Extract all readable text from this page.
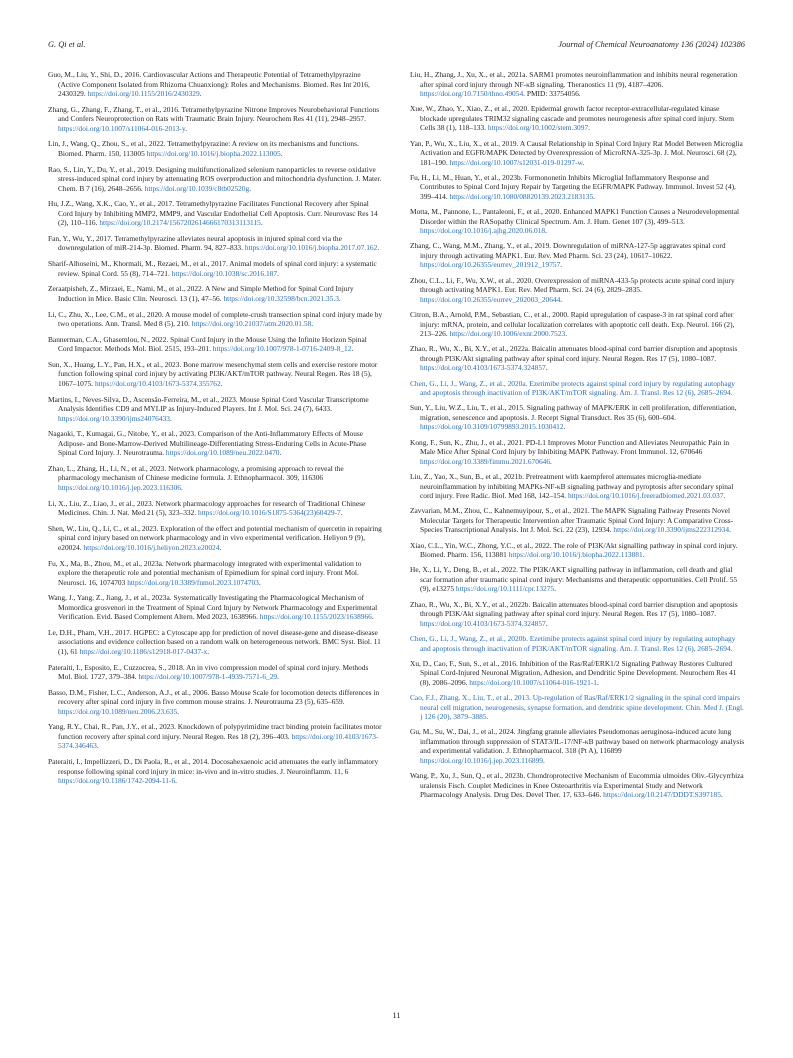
G. Qi et al.	Journal of Chemical Neuroanatomy 136 (2024) 102386

Guo, M., Liu, Y., Shi, D., 2016. Cardiovascular Actions and Therapeutic Potential of Tetramethylpyrazine (Active Component Isolated from Rhizoma Chuanxiong): Roles and Mechanisms. Biomed. Res Int 2016, 2430329. https://doi.org/10.1155/2016/2430329.

Zhang, G., Zhang, F., Zhang, T., et al., 2016. Tetramethylpyrazine Nitrone Improves Neurobehavioral Functions and Confers Neuroprotection on Rats with Traumatic Brain Injury. Neurochem Res 41 (11), 2948–2957. https://doi.org/10.1007/s11064-016-2013-y.

Lin, J., Wang, Q., Zhou, S., et al., 2022. Tetramethylpyrazine: A review on its mechanisms and functions. Biomed. Pharm. 150, 113005 https://doi.org/10.1016/j.biopha.2022.113005.

Rao, S., Lin, Y., Du, Y., et al., 2019. Designing multifunctionalized selenium nanoparticles to reverse oxidative stress-induced spinal cord injury by attenuating ROS overproduction and mitochondria dysfunction. J. Mater. Chem. B 7 (16), 2648–2656. https://doi.org/10.1039/c8tb02520g.

Hu, J.Z., Wang, X.K., Cao, Y., et al., 2017. Tetramethylpyrazine Facilitates Functional Recovery after Spinal Cord Injury by Inhibiting MMP2, MMP9, and Vascular Endothelial Cell Apoptosis. Curr. Neurovasc Res 14 (2), 110–116. https://doi.org/10.2174/1567202614666170313113115.

Fan, Y., Wu, Y., 2017. Tetramethylpyrazine alleviates neural apoptosis in injured spinal cord via the downregulation of miR-214-3p. Biomed. Pharm. 94, 827–833. https://doi.org/10.1016/j.biopha.2017.07.162.

Sharif-Alhoseini, M., Khormali, M., Rezaei, M., et al., 2017. Animal models of spinal cord injury: a systematic review. Spinal Cord. 55 (8), 714–721. https://doi.org/10.1038/sc.2016.187.

Zeraatpisheh, Z., Mirzaei, E., Nami, M., et al., 2022. A New and Simple Method for Spinal Cord Injury Induction in Mice. Basic Clin. Neurosci. 13 (1), 47–56. https://doi.org/10.32598/bcn.2021.35.3.

Li, C., Zhu, X., Lee, C.M., et al., 2020. A mouse model of complete-crush transection spinal cord injury made by two operations. Ann. Transl. Med 8 (5), 210. https://doi.org/10.21037/atm.2020.01.58.

Bannerman, C.A., Ghasemlou, N., 2022. Spinal Cord Injury in the Mouse Using the Infinite Horizon Spinal Cord Impactor. Methods Mol. Biol. 2515, 193–201. https://doi.org/10.1007/978-1-0716-2409-8_12.

Sun, X., Huang, L.Y., Pan, H.X., et al., 2023. Bone marrow mesenchymal stem cells and exercise restore motor function following spinal cord injury by activating PI3K/AKT/mTOR pathway. Neural Regen. Res 18 (5), 1067–1075. https://doi.org/10.4103/1673-5374.355762.

Martins, I., Neves-Silva, D., Ascensão-Ferreira, M., et al., 2023. Mouse Spinal Cord Vascular Transcriptome Analysis Identifies CD9 and MYLIP as Injury-Induced Players. Int J. Mol. Sci. 24 (7), 6433. https://doi.org/10.3390/ijms24076433.

Nagaoki, T., Kumagai, G., Nitobe, Y., et al., 2023. Comparison of the Anti-Inflammatory Effects of Mouse Adipose- and Bone-Marrow-Derived Multilineage-Differentiating Stress-Enduring Cells in Acute-Phase Spinal Cord Injury. J. Neurotrauma. https://doi.org/10.1089/neu.2022.0470.

Zhao, L., Zhang, H., Li, N., et al., 2023. Network pharmacology, a promising approach to reveal the pharmacology mechanism of Chinese medicine formula. J. Ethnopharmacol. 309, 116306 https://doi.org/10.1016/j.jep.2023.116306.

Li, X., Liu, Z., Liao, J., et al., 2023. Network pharmacology approaches for research of Traditional Chinese Medicines. Chin. J. Nat. Med 21 (5), 323–332. https://doi.org/10.1016/S1875-5364(23)60429-7.

Shen, W., Liu, Q., Li, C., et al., 2023. Exploration of the effect and potential mechanism of quercetin in repairing spinal cord injury based on network pharmacology and in vivo experimental verification. Heliyon 9 (9), e20024. https://doi.org/10.1016/j.heliyon.2023.e20024.

Fu, X., Ma, B., Zhou, M., et al., 2023a. Network pharmacology integrated with experimental validation to explore the therapeutic role and potential mechanism of Epimedium for spinal cord injury. Front Mol. Neurosci. 16, 1074703 https://doi.org/10.3389/fnmol.2023.1074703.

Wang, J., Yang, Z., Jiang, J., et al., 2023a. Systematically Investigating the Pharmacological Mechanism of Momordica grosvenori in the Treatment of Spinal Cord Injury by Network Pharmacology and Experimental Verification. Evid. Based Complement Altern. Med 2023, 1638966. https://doi.org/10.1155/2023/1638966.

Le, D.H., Pham, V.H., 2017. HGPEC: a Cytoscape app for prediction of novel disease-gene and disease-disease associations and evidence collection based on a random walk on heterogeneous network. BMC Syst. Biol. 11 (1), 61 https://doi.org/10.1186/s12918-017-0437-x.

Pateraiti, I., Esposito, E., Cuzzocrea, S., 2018. An in vivo compression model of spinal cord injury. Methods Mol. Biol. 1727, 379–384. https://doi.org/10.1007/978-1-4939-7571-6_29.

Basso, D.M., Fisher, L.C., Anderson, A.J., et al., 2006. Basso Mouse Scale for locomotion detects differences in recovery after spinal cord injury in five common mouse strains. J. Neurotrauma 23 (5), 635–659. https://doi.org/10.1089/neu.2006.23.635.

Yang, R.Y., Chai, R., Pan, J.Y., et al., 2023. Knockdown of polypyrimidine tract binding protein facilitates motor function recovery after spinal cord injury. Neural Regen. Res 18 (2), 396–403. https://doi.org/10.4103/1673-5374.346463.

Pateraiti, I., Impellizzeri, D., Di Paola, R., et al., 2014. Docosahexaenoic acid attenuates the early inflammatory response following spinal cord injury in mice: in-vivo and in-vitro studies. J. Neuroinflamm. 11, 6 https://doi.org/10.1186/1742-2094-11-6.

Liu, H., Zhang, J., Xu, X., et al., 2021a. SARM1 promotes neuroinflammation and inhibits neural regeneration after spinal cord injury through NF-κB signaling. Theranostics 11 (9), 4187–4206. https://doi.org/10.7150/thno.49054. PMID: 33754056.

Xue, W., Zhao, Y., Xiao, Z., et al., 2020. Epidermal growth factor receptor-extracellular-regulated kinase blockade upregulates TRIM32 signaling cascade and promotes neurogenesis after spinal cord injury. Stem Cells 38 (1), 118–133. https://doi.org/10.1002/stem.3097.

Yan, P., Wu, X., Liu, X., et al., 2019. A Causal Relationship in Spinal Cord Injury Rat Model Between Microglia Activation and EGFR/MAPK Detected by Overexpression of MicroRNA-325-3p. J. Mol. Neurosci. 68 (2), 181–190. https://doi.org/10.1007/s12031-019-01297-w.

Fu, H., Li, M., Huan, Y., et al., 2023b. Formononetin Inhibits Microglial Inflammatory Response and Contributes to Spinal Cord Injury Repair by Targeting the EGFR/MAPK Pathway. Immunol. Invest 52 (4), 399–414. https://doi.org/10.1080/08820139.2023.2183135.

Motta, M., Pannone, L., Pantaleoni, F., et al., 2020. Enhanced MAPK1 Function Causes a Neurodevelopmental Disorder within the RASopathy Clinical Spectrum. Am. J. Hum. Genet 107 (3), 499–513. https://doi.org/10.1016/j.ajhg.2020.06.018.

Zhang, C., Wang, M.M., Zhang, Y., et al., 2019. Downregulation of miRNA-127-5p aggravates spinal cord injury through activating MAPK1. Eur. Rev. Med Pharm. Sci. 23 (24), 10617–10622. https://doi.org/10.26355/eurrev_201912_19757.

Zhou, C.L., Li, F., Wu, X.W., et al., 2020. Overexpression of miRNA-433-5p protects acute spinal cord injury through activating MAPK1. Eur. Rev. Med Pharm. Sci. 24 (6), 2829–2835. https://doi.org/10.26355/eurrev_202003_20644.

Citron, B.A., Arnold, P.M., Sebastian, C., et al., 2000. Rapid upregulation of caspase-3 in rat spinal cord after injury: mRNA, protein, and cellular localization correlates with apoptotic cell death. Exp. Neurol. 166 (2), 213–226. https://doi.org/10.1006/exnr.2000.7523.

Zhao, R., Wu, X., Bi, X.Y., et al., 2022a. Baicalin attenuates blood-spinal cord barrier disruption and apoptosis through PI3K/Akt signaling pathway after spinal cord injury. Neural Regen. Res 17 (5), 1080–1087. https://doi.org/10.4103/1673-5374.324857.

Chen, G., Li, J., Wang, Z., et al., 2020a. Ezetimibe protects against spinal cord injury by regulating autophagy and apoptosis through inactivation of PI3K/AKT/mTOR signaling. Am. J. Transl. Res 12 (6), 2685–2694.

Sun, Y., Liu, W.Z., Liu, T., et al., 2015. Signaling pathway of MAPK/ERK in cell proliferation, differentiation, migration, senescence and apoptosis. J. Recept Signal Transduct. Res 35 (6), 600–604. https://doi.org/10.3109/10799893.2015.1030412.

Kong, F., Sun, K., Zhu, J., et al., 2021. PD-L1 Improves Motor Function and Alleviates Neuropathic Pain in Male Mice After Spinal Cord Injury by Inhibiting MAPK Pathway. Front Immunol. 12, 670646 https://doi.org/10.3389/fimmu.2021.670646.

Liu, Z., Yao, X., Sun, B., et al., 2021b. Pretreatment with kaempferol attenuates microglia-mediate neuroinflammation by inhibiting MAPKs-NF-κB signaling pathway and pyroptosis after secondary spinal cord injury. Free Radic. Biol. Med 168, 142–154. https://doi.org/10.1016/j.freeradbiomed.2021.03.037.

Zavvarian, M.M., Zhou, C., Kahnemuyipour, S., et al., 2021. The MAPK Signaling Pathway Presents Novel Molecular Targets for Therapeutic Intervention after Traumatic Spinal Cord Injury: A Comparative Cross-Species Transcriptional Analysis. Int J. Mol. Sci. 22 (23), 12934. https://doi.org/10.3390/ijms222312934.

Xiao, C.L., Yin, W.C., Zhong, Y.C., et al., 2022. The role of PI3K/Akt signalling pathway in spinal cord injury. Biomed. Pharm. 156, 113881 https://doi.org/10.1016/j.biopha.2022.113881.

He, X., Li, Y., Deng, B., et al., 2022. The PI3K/AKT signalling pathway in inflammation, cell death and glial scar formation after traumatic spinal cord injury: Mechanisms and therapeutic opportunities. Cell Prolif. 55 (9), e13275 https://doi.org/10.1111/cpr.13275.

Zhao, R., Wu, X., Bi, X.Y., et al., 2022b. Baicalin attenuates blood-spinal cord barrier disruption and apoptosis through PI3K/Akt signaling pathway after spinal cord injury. Neural Regen. Res 17 (5), 1080–1087. https://doi.org/10.4103/1673-5374.324857.

Chen, G., Li, J., Wang, Z., et al., 2020b. Ezetimibe protects against spinal cord injury by regulating autophagy and apoptosis through inactivation of PI3K/AKT/mTOR signaling. Am. J. Transl. Res 12 (6), 2685–2694.

Xu, D., Cao, F., Sun, S., et al., 2016. Inhibition of the Ras/Raf/ERK1/2 Signaling Pathway Restores Cultured Spinal Cord-Injured Neuronal Migration, Adhesion, and Dendritic Spine Development. Neurochem Res 41 (8), 2086–2096. https://doi.org/10.1007/s11064-016-1921-1.

Cao, F.J., Zhang, X., Liu, T., et al., 2013. Up-regulation of Ras/Raf/ERK1/2 signaling in the spinal cord impairs neural cell migration, neurogenesis, synapse formation, and dendritic spine development. Chin. Med J. (Engl. ) 126 (20), 3879–3885.

Gu, M., Su, W., Dai, J., et al., 2024. Jingfang granule alleviates Pseudomonas aeruginosa-induced acute lung inflammation through suppression of STAT3/IL-17/NF-κB pathway based on network pharmacology analysis and experimental validation. J. Ethnopharmacol. 318 (Pt A), 116899 https://doi.org/10.1016/j.jep.2023.116899.

Wang, P., Xu, J., Sun, Q., et al., 2023b. Chondroprotective Mechanism of Eucommia ulmoides Oliv.-Glycyrrhiza uralensis Fisch. Couplet Medicines in Knee Osteoarthritis via Experimental Study and Network Pharmacology Analysis. Drug Des. Devel Ther. 17, 633–646. https://doi.org/10.2147/DDDT.S397185.

11
